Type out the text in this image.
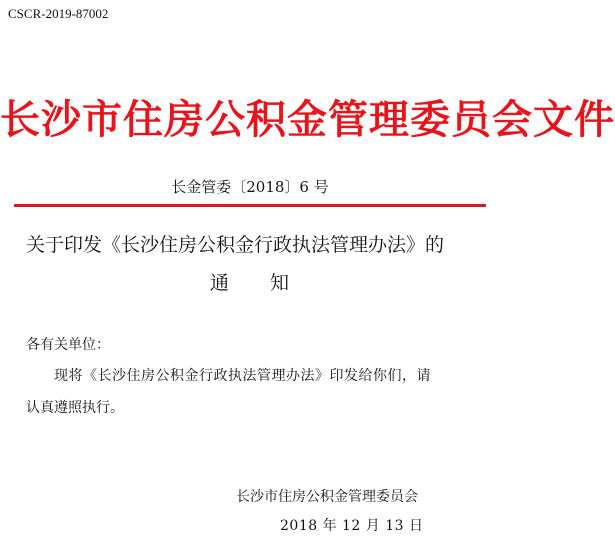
CSCR-2019-87002
长沙市住房公积金管理委员会文件
长金管委〔2018〕6 号
关于印发《长沙住房公积金行政执法管理办法》的
通　　知
各有关单位：
现将《长沙住房公积金行政执法管理办法》印发给你们，请
认真遵照执行。
长沙市住房公积金管理委员会
2018 年 12 月 13 日
